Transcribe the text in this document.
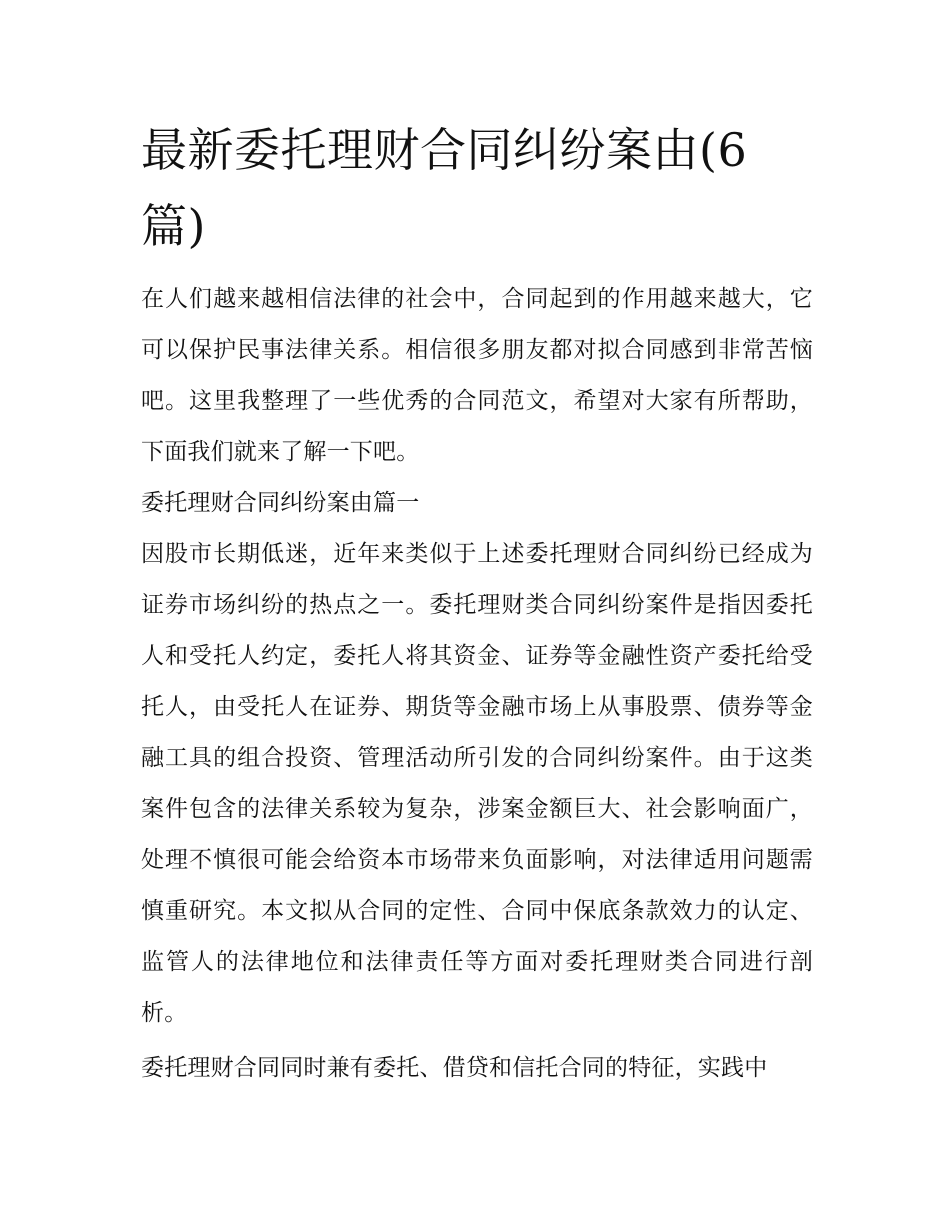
最新委托理财合同纠纷案由(6篇)

在人们越来越相信法律的社会中，合同起到的作用越来越大，它可以保护民事法律关系。相信很多朋友都对拟合同感到非常苦恼吧。这里我整理了一些优秀的合同范文，希望对大家有所帮助，下面我们就来了解一下吧。

委托理财合同纠纷案由篇一

因股市长期低迷，近年来类似于上述委托理财合同纠纷已经成为证券市场纠纷的热点之一。委托理财类合同纠纷案件是指因委托人和受托人约定，委托人将其资金、证券等金融性资产委托给受托人，由受托人在证券、期货等金融市场上从事股票、债券等金融工具的组合投资、管理活动所引发的合同纠纷案件。由于这类案件包含的法律关系较为复杂，涉案金额巨大、社会影响面广，处理不慎很可能会给资本市场带来负面影响，对法律适用问题需慎重研究。本文拟从合同的定性、合同中保底条款效力的认定、监管人的法律地位和法律责任等方面对委托理财类合同进行剖析。

委托理财合同同时兼有委托、借贷和信托合同的特征，实践中
